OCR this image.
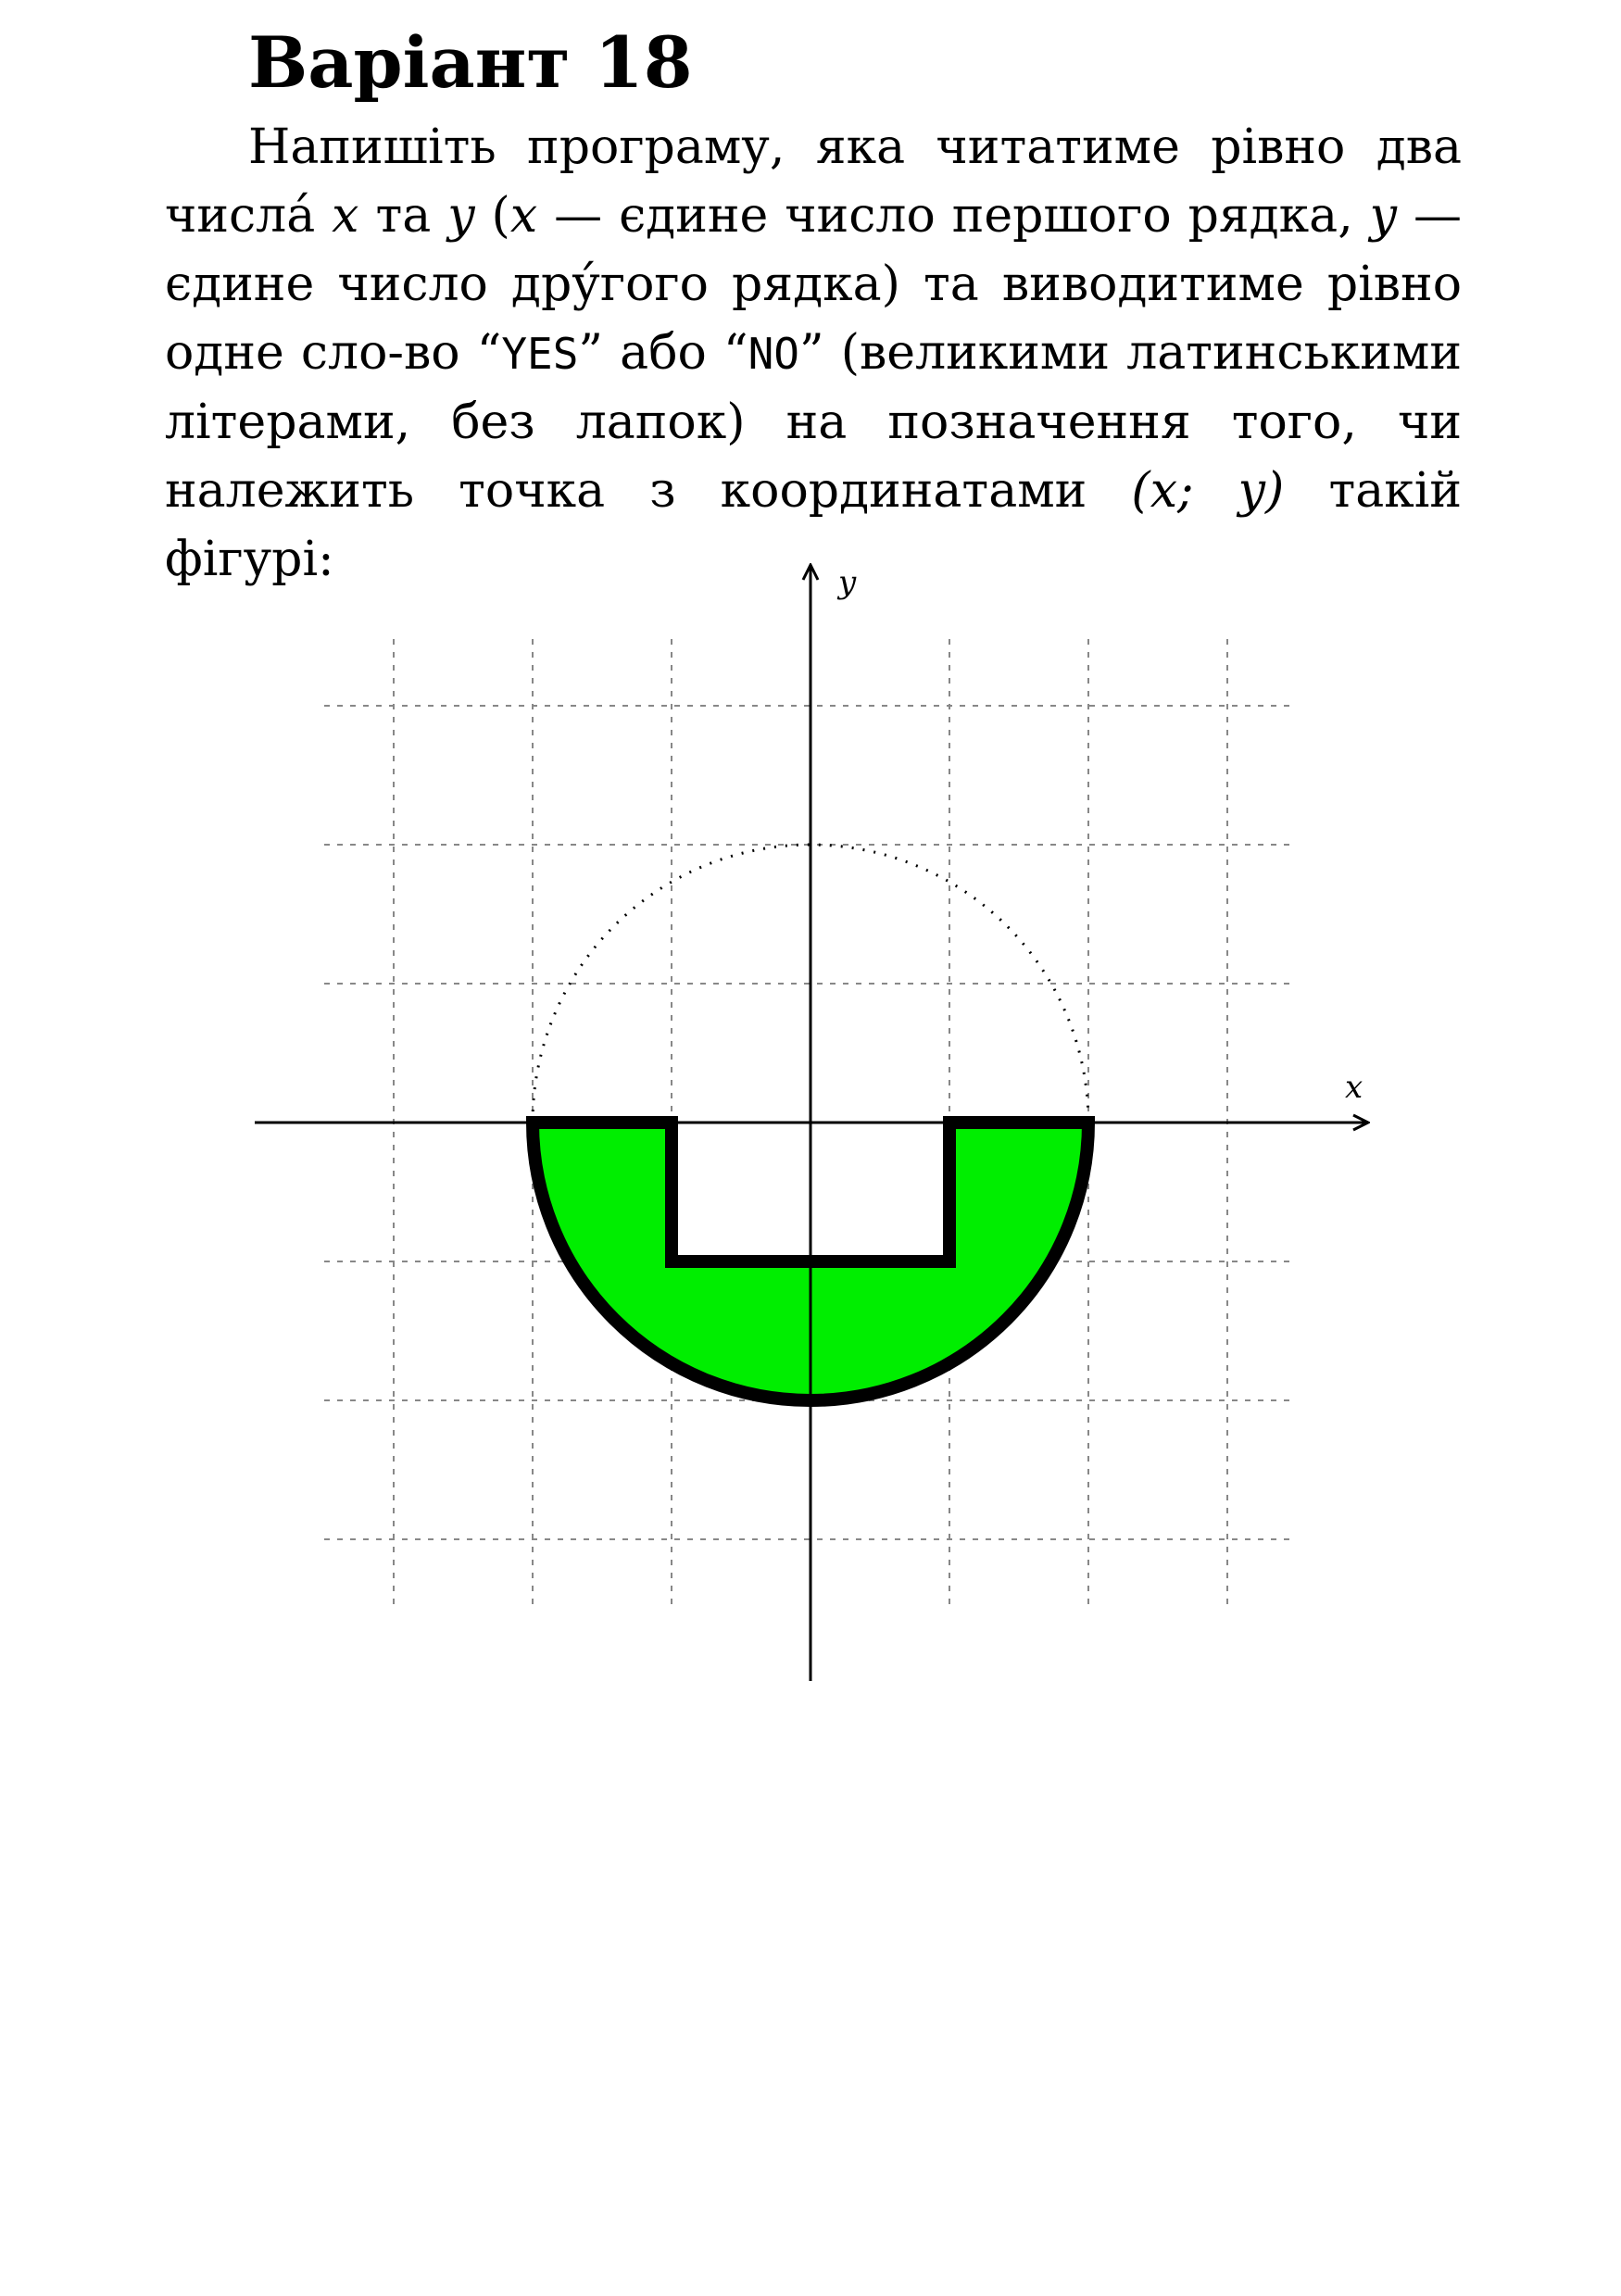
Варіант 18

Напишіть програму, яка читатиме рівно два числа́ x та y (x — єдине число першого рядка, y — єдине число дру́гого рядка) та виводитиме рівно одне сло-во “YES” або “NO” (великими латинськими літерами, без лапок) на позначення того, чи належить точка з координатами (x; y) такій фігурі:

x
y
